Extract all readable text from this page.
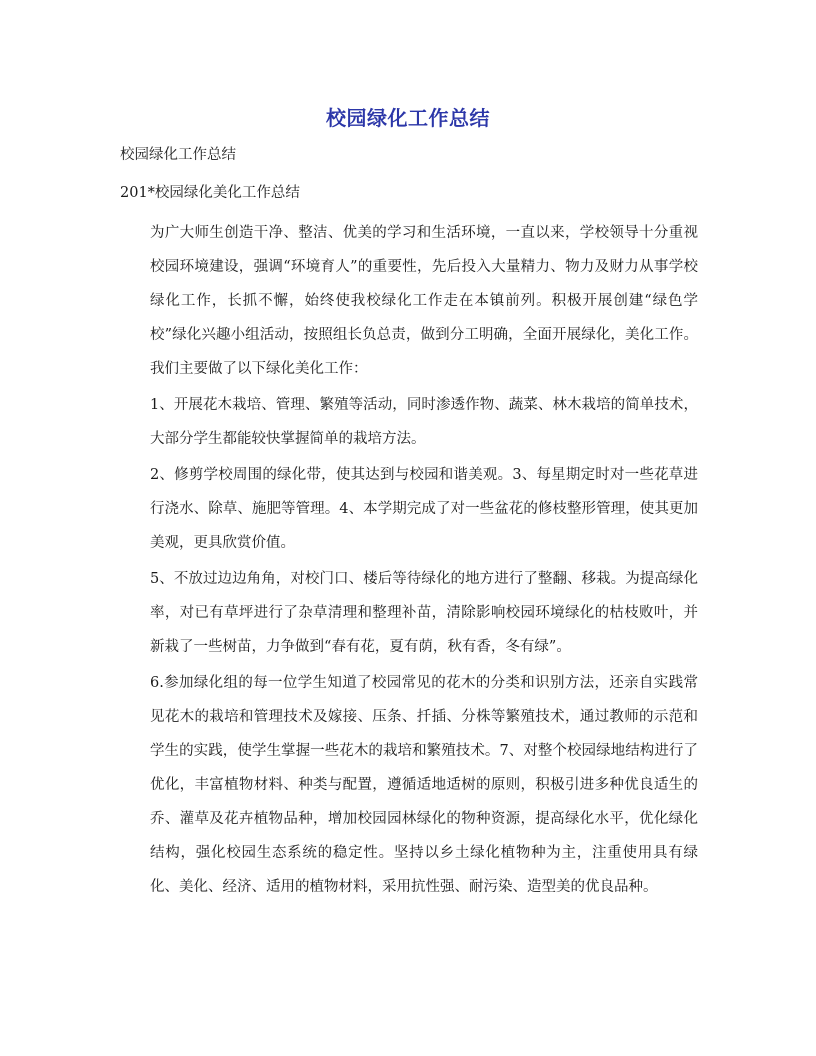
校园绿化工作总结

校园绿化工作总结

201*校园绿化美化工作总结

为广大师生创造干净、整洁、优美的学习和生活环境，一直以来，学校领导十分重视校园环境建设，强调“环境育人”的重要性，先后投入大量精力、物力及财力从事学校绿化工作，长抓不懈，始终使我校绿化工作走在本镇前列。积极开展创建“绿色学校”绿化兴趣小组活动，按照组长负总责，做到分工明确，全面开展绿化，美化工作。我们主要做了以下绿化美化工作：

1、开展花木栽培、管理、繁殖等活动，同时渗透作物、蔬菜、林木栽培的简单技术，大部分学生都能较快掌握简单的栽培方法。

2、修剪学校周围的绿化带，使其达到与校园和谐美观。3、每星期定时对一些花草进行浇水、除草、施肥等管理。4、本学期完成了对一些盆花的修枝整形管理，使其更加美观，更具欣赏价值。

5、不放过边边角角，对校门口、楼后等待绿化的地方进行了整翻、移栽。为提高绿化率，对已有草坪进行了杂草清理和整理补苗，清除影响校园环境绿化的枯枝败叶，并新栽了一些树苗，力争做到“春有花，夏有荫，秋有香，冬有绿”。

6.参加绿化组的每一位学生知道了校园常见的花木的分类和识别方法，还亲自实践常见花木的栽培和管理技术及嫁接、压条、扦插、分株等繁殖技术，通过教师的示范和学生的实践，使学生掌握一些花木的栽培和繁殖技术。7、对整个校园绿地结构进行了优化，丰富植物材料、种类与配置，遵循适地适树的原则，积极引进多种优良适生的乔、灌草及花卉植物品种，增加校园园林绿化的物种资源，提高绿化水平，优化绿化结构，强化校园生态系统的稳定性。坚持以乡土绿化植物种为主，注重使用具有绿化、美化、经济、适用的植物材料，采用抗性强、耐污染、造型美的优良品种。
